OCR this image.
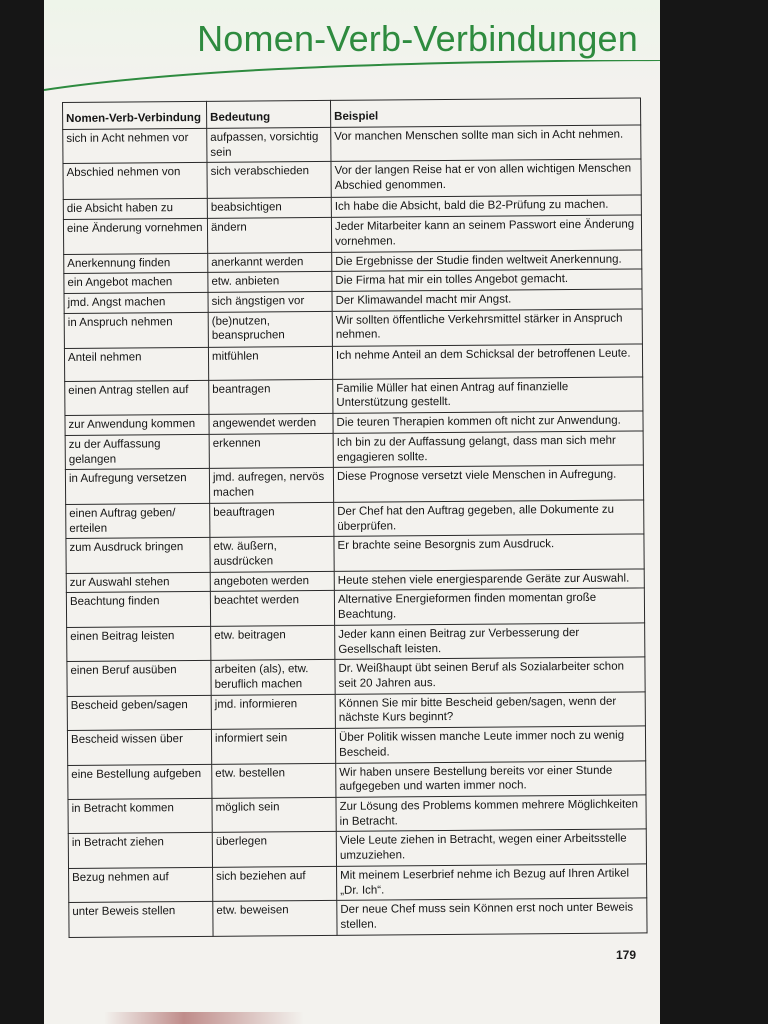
Nomen-Verb-Verbindungen
Nomen-Verb-Verbindung	Bedeutung	Beispiel
sich in Acht nehmen vor	aufpassen, vorsichtig sein	Vor manchen Menschen sollte man sich in Acht nehmen.
Abschied nehmen von	sich verabschieden	Vor der langen Reise hat er von allen wichtigen Menschen Abschied genommen.
die Absicht haben zu	beabsichtigen	Ich habe die Absicht, bald die B2-Prüfung zu machen.
eine Änderung vornehmen	ändern	Jeder Mitarbeiter kann an seinem Passwort eine Änderung vornehmen.
Anerkennung finden	anerkannt werden	Die Ergebnisse der Studie finden weltweit Anerkennung.
ein Angebot machen	etw. anbieten	Die Firma hat mir ein tolles Angebot gemacht.
jmd. Angst machen	sich ängstigen vor	Der Klimawandel macht mir Angst.
in Anspruch nehmen	(be)nutzen, beanspruchen	Wir sollten öffentliche Verkehrsmittel stärker in Anspruch nehmen.
Anteil nehmen	mitfühlen	Ich nehme Anteil an dem Schicksal der betroffenen Leute.
einen Antrag stellen auf	beantragen	Familie Müller hat einen Antrag auf finanzielle Unterstützung gestellt.
zur Anwendung kommen	angewendet werden	Die teuren Therapien kommen oft nicht zur Anwendung.
zu der Auffassung gelangen	erkennen	Ich bin zu der Auffassung gelangt, dass man sich mehr engagieren sollte.
in Aufregung versetzen	jmd. aufregen, nervös machen	Diese Prognose versetzt viele Menschen in Aufregung.
einen Auftrag geben/ erteilen	beauftragen	Der Chef hat den Auftrag gegeben, alle Dokumente zu überprüfen.
zum Ausdruck bringen	etw. äußern, ausdrücken	Er brachte seine Besorgnis zum Ausdruck.
zur Auswahl stehen	angeboten werden	Heute stehen viele energiesparende Geräte zur Auswahl.
Beachtung finden	beachtet werden	Alternative Energieformen finden momentan große Beachtung.
einen Beitrag leisten	etw. beitragen	Jeder kann einen Beitrag zur Verbesserung der Gesellschaft leisten.
einen Beruf ausüben	arbeiten (als), etw. beruflich machen	Dr. Weißhaupt übt seinen Beruf als Sozialarbeiter schon seit 20 Jahren aus.
Bescheid geben/sagen	jmd. informieren	Können Sie mir bitte Bescheid geben/sagen, wenn der nächste Kurs beginnt?
Bescheid wissen über	informiert sein	Über Politik wissen manche Leute immer noch zu wenig Bescheid.
eine Bestellung aufgeben	etw. bestellen	Wir haben unsere Bestellung bereits vor einer Stunde aufgegeben und warten immer noch.
in Betracht kommen	möglich sein	Zur Lösung des Problems kommen mehrere Möglichkeiten in Betracht.
in Betracht ziehen	überlegen	Viele Leute ziehen in Betracht, wegen einer Arbeitsstelle umzuziehen.
Bezug nehmen auf	sich beziehen auf	Mit meinem Leserbrief nehme ich Bezug auf Ihren Artikel „Dr. Ich“.
unter Beweis stellen	etw. beweisen	Der neue Chef muss sein Können erst noch unter Beweis stellen.
179
